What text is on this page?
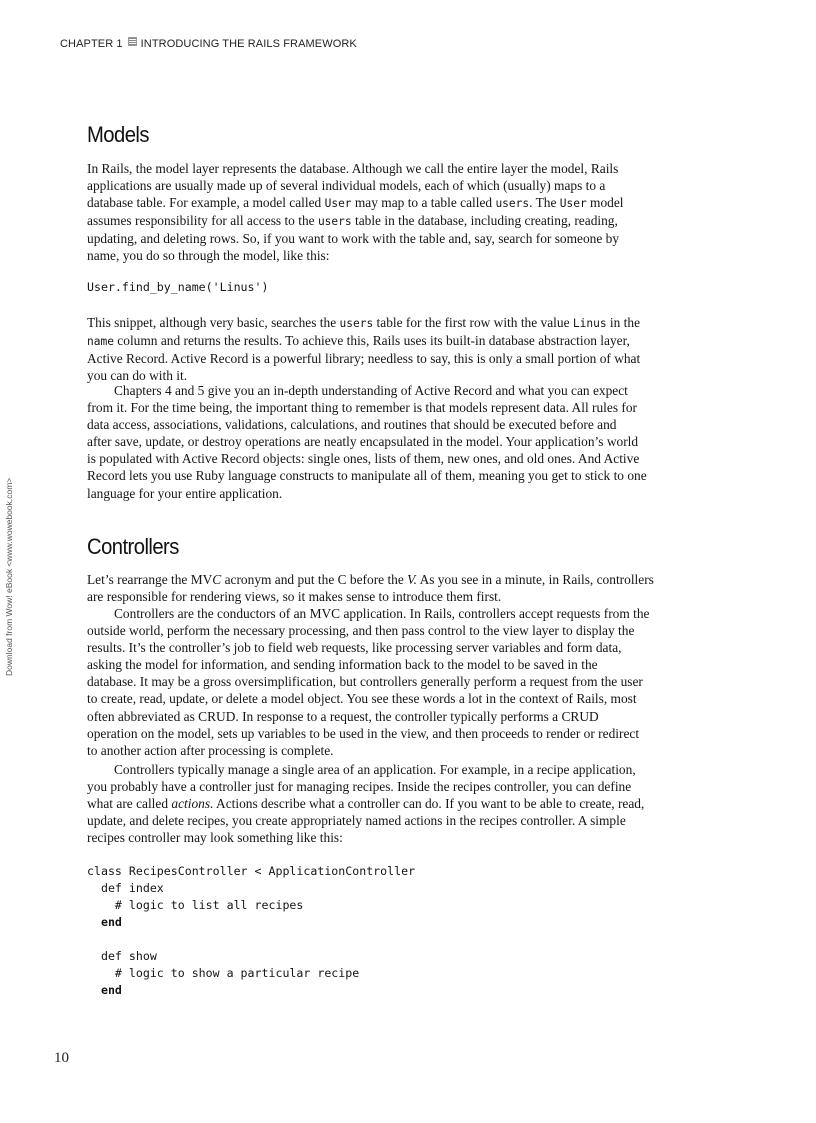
CHAPTER 1 INTRODUCING THE RAILS FRAMEWORK
Download from Wow! eBook <www.wowebook.com>
Models
In Rails, the model layer represents the database. Although we call the entire layer the model, Rails
applications are usually made up of several individual models, each of which (usually) maps to a
database table. For example, a model called User may map to a table called users. The User model
assumes responsibility for all access to the users table in the database, including creating, reading,
updating, and deleting rows. So, if you want to work with the table and, say, search for someone by
name, you do so through the model, like this:
User.find_by_name('Linus')
This snippet, although very basic, searches the users table for the first row with the value Linus in the
name column and returns the results. To achieve this, Rails uses its built-in database abstraction layer,
Active Record. Active Record is a powerful library; needless to say, this is only a small portion of what
you can do with it.
Chapters 4 and 5 give you an in-depth understanding of Active Record and what you can expect
from it. For the time being, the important thing to remember is that models represent data. All rules for
data access, associations, validations, calculations, and routines that should be executed before and
after save, update, or destroy operations are neatly encapsulated in the model. Your application’s world
is populated with Active Record objects: single ones, lists of them, new ones, and old ones. And Active
Record lets you use Ruby language constructs to manipulate all of them, meaning you get to stick to one
language for your entire application.
Controllers
Let’s rearrange the MVC acronym and put the C before the V. As you see in a minute, in Rails, controllers
are responsible for rendering views, so it makes sense to introduce them first.
Controllers are the conductors of an MVC application. In Rails, controllers accept requests from the
outside world, perform the necessary processing, and then pass control to the view layer to display the
results. It’s the controller’s job to field web requests, like processing server variables and form data,
asking the model for information, and sending information back to the model to be saved in the
database. It may be a gross oversimplification, but controllers generally perform a request from the user
to create, read, update, or delete a model object. You see these words a lot in the context of Rails, most
often abbreviated as CRUD. In response to a request, the controller typically performs a CRUD
operation on the model, sets up variables to be used in the view, and then proceeds to render or redirect
to another action after processing is complete.
Controllers typically manage a single area of an application. For example, in a recipe application,
you probably have a controller just for managing recipes. Inside the recipes controller, you can define
what are called actions. Actions describe what a controller can do. If you want to be able to create, read,
update, and delete recipes, you create appropriately named actions in the recipes controller. A simple
recipes controller may look something like this:
class RecipesController < ApplicationController
def index
# logic to list all recipes
end

def show
# logic to show a particular recipe
end
10
